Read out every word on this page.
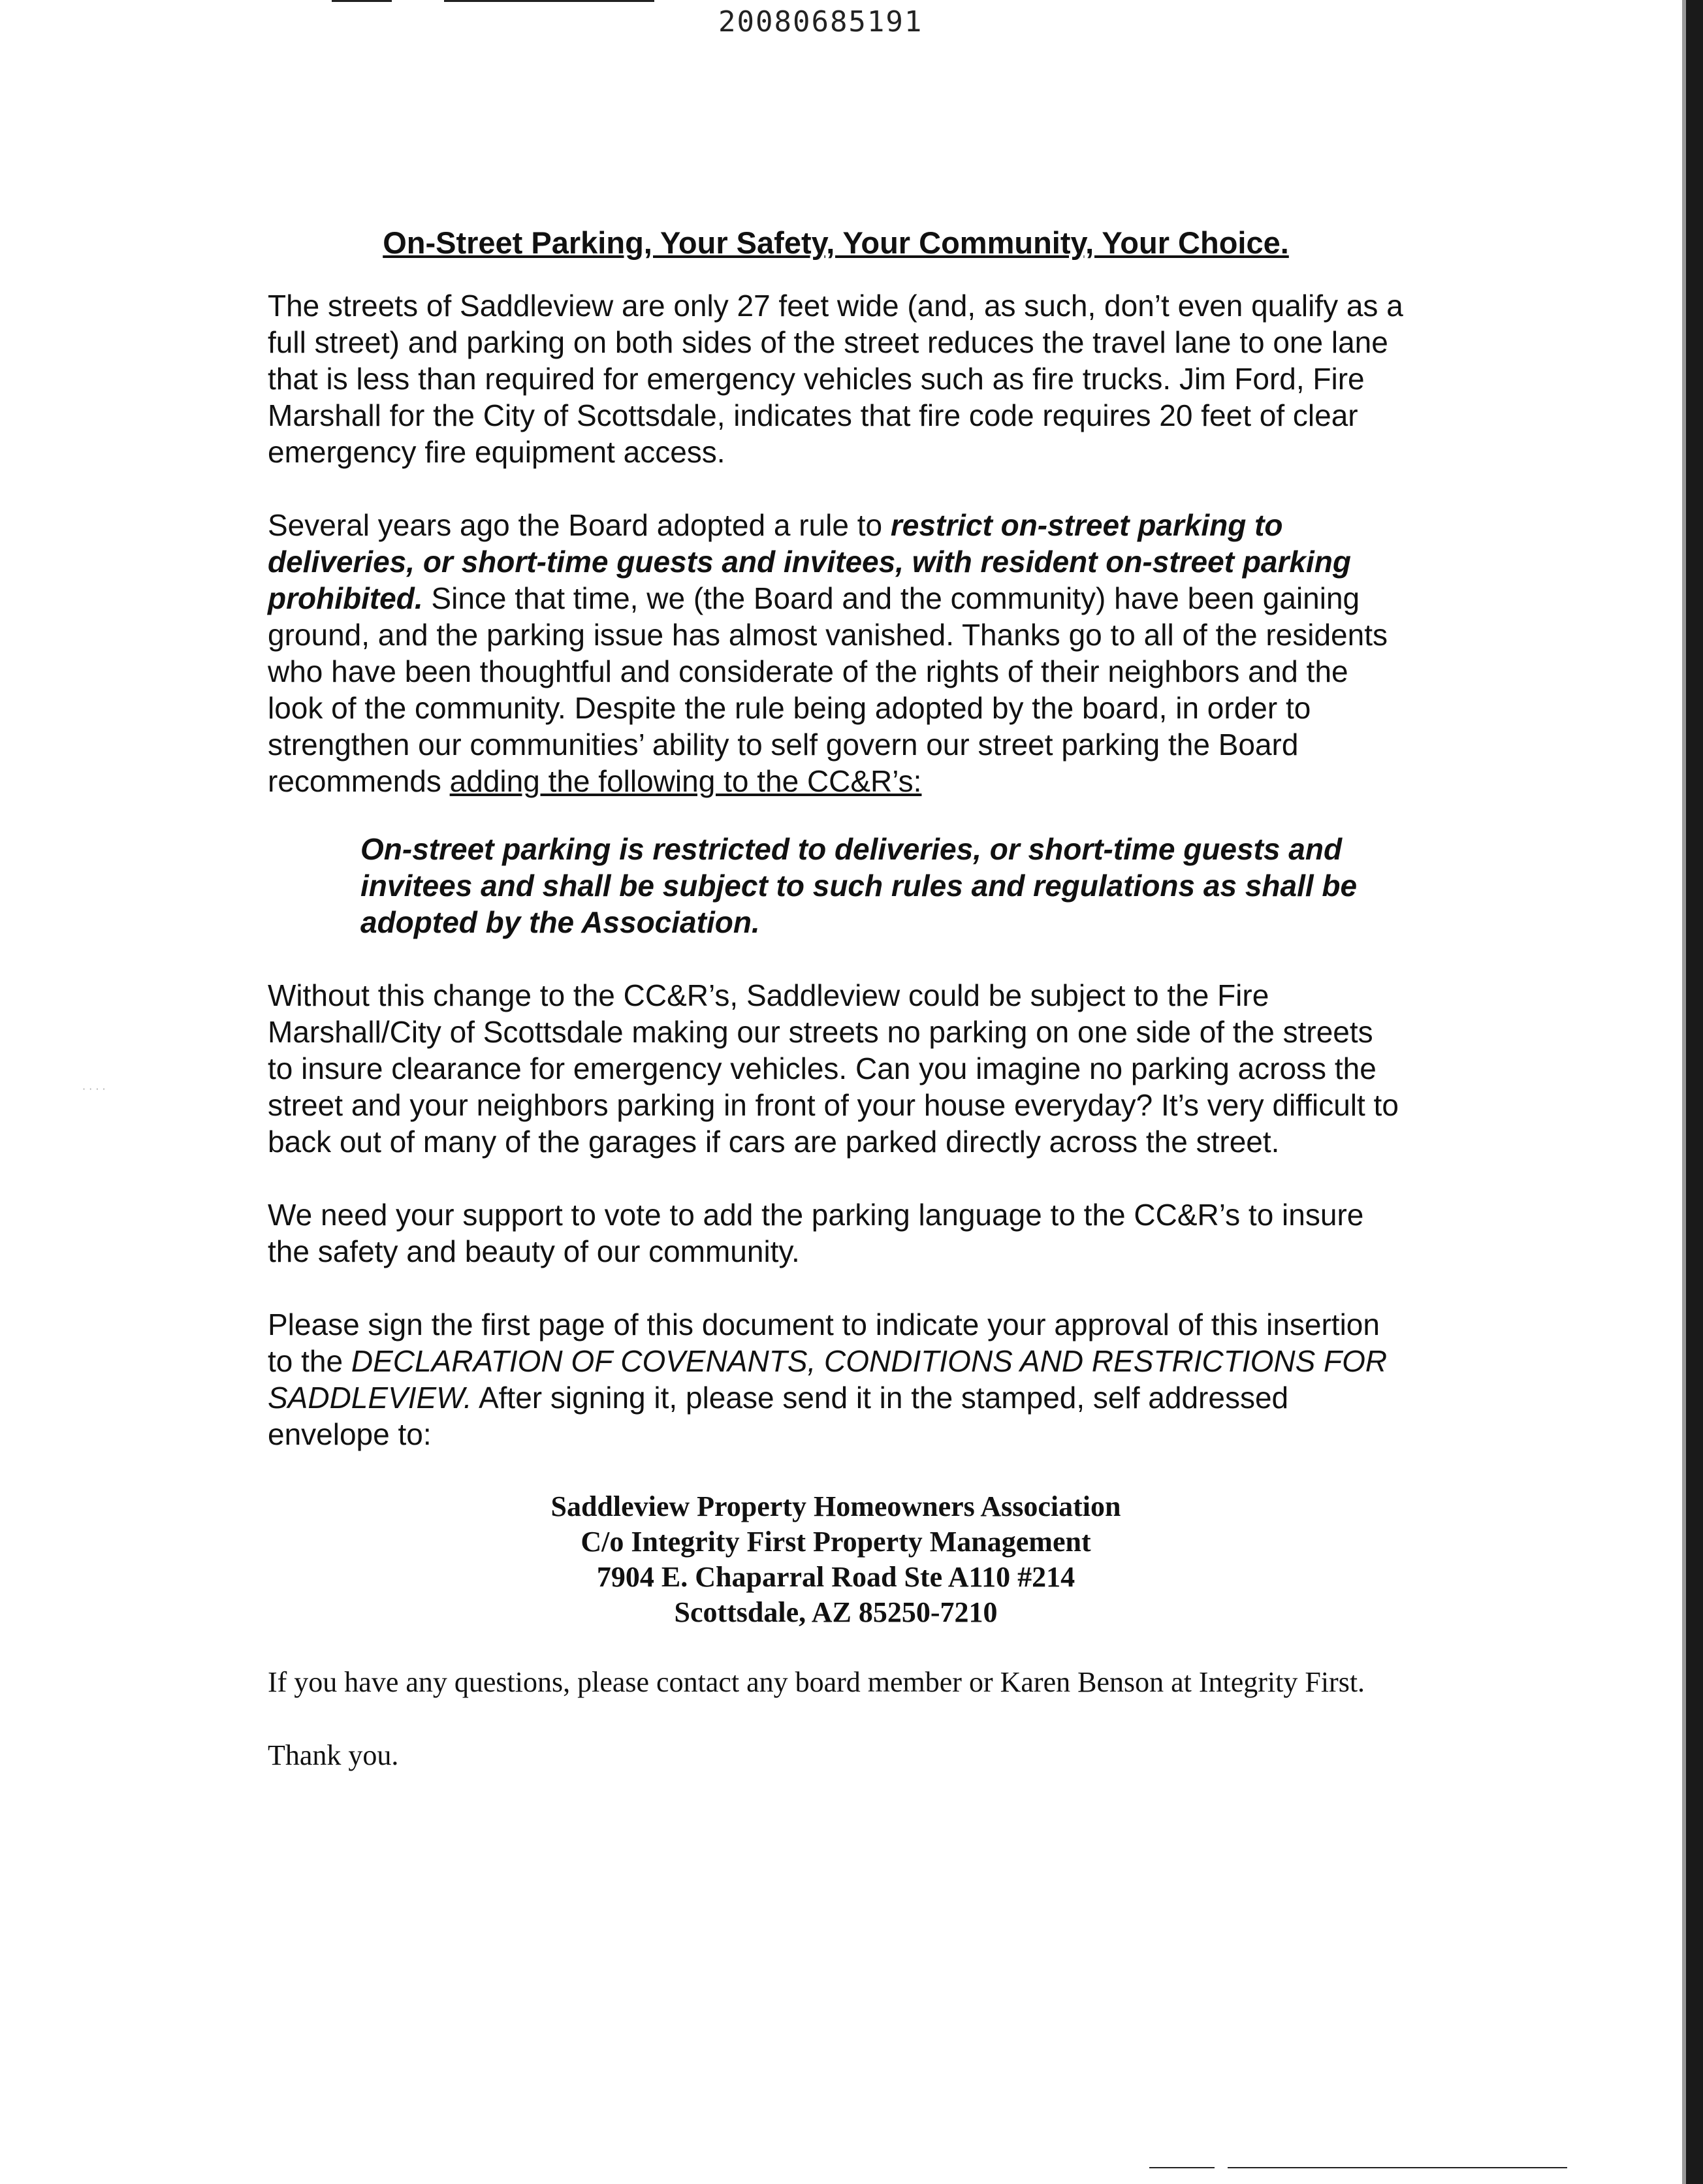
· · · ·
20080685191

On-Street Parking, Your Safety, Your Community, Your Choice.

The streets of Saddleview are only 27 feet wide (and, as such, don’t even qualify as a full street) and parking on both sides of the street reduces the travel lane to one lane that is less than required for emergency vehicles such as fire trucks. Jim Ford, Fire Marshall for the City of Scottsdale, indicates that fire code requires 20 feet of clear emergency fire equipment access.

Several years ago the Board adopted a rule to restrict on-street parking to deliveries, or short-time guests and invitees, with resident on-street parking prohibited. Since that time, we (the Board and the community) have been gaining ground, and the parking issue has almost vanished. Thanks go to all of the residents who have been thoughtful and considerate of the rights of their neighbors and the look of the community. Despite the rule being adopted by the board, in order to strengthen our communities’ ability to self govern our street parking the Board recommends adding the following to the CC&R’s:

On-street parking is restricted to deliveries, or short-time guests and invitees and shall be subject to such rules and regulations as shall be adopted by the Association.

Without this change to the CC&R’s, Saddleview could be subject to the Fire Marshall/City of Scottsdale making our streets no parking on one side of the streets to insure clearance for emergency vehicles. Can you imagine no parking across the street and your neighbors parking in front of your house everyday? It’s very difficult to back out of many of the garages if cars are parked directly across the street.

We need your support to vote to add the parking language to the CC&R’s to insure the safety and beauty of our community.

Please sign the first page of this document to indicate your approval of this insertion to the DECLARATION OF COVENANTS, CONDITIONS AND RESTRICTIONS FOR SADDLEVIEW. After signing it, please send it in the stamped, self addressed envelope to:

Saddleview Property Homeowners Association
C/o Integrity First Property Management
7904 E. Chaparral Road Ste A110 #214
Scottsdale, AZ 85250-7210

If you have any questions, please contact any board member or Karen Benson at Integrity First.

Thank you.
